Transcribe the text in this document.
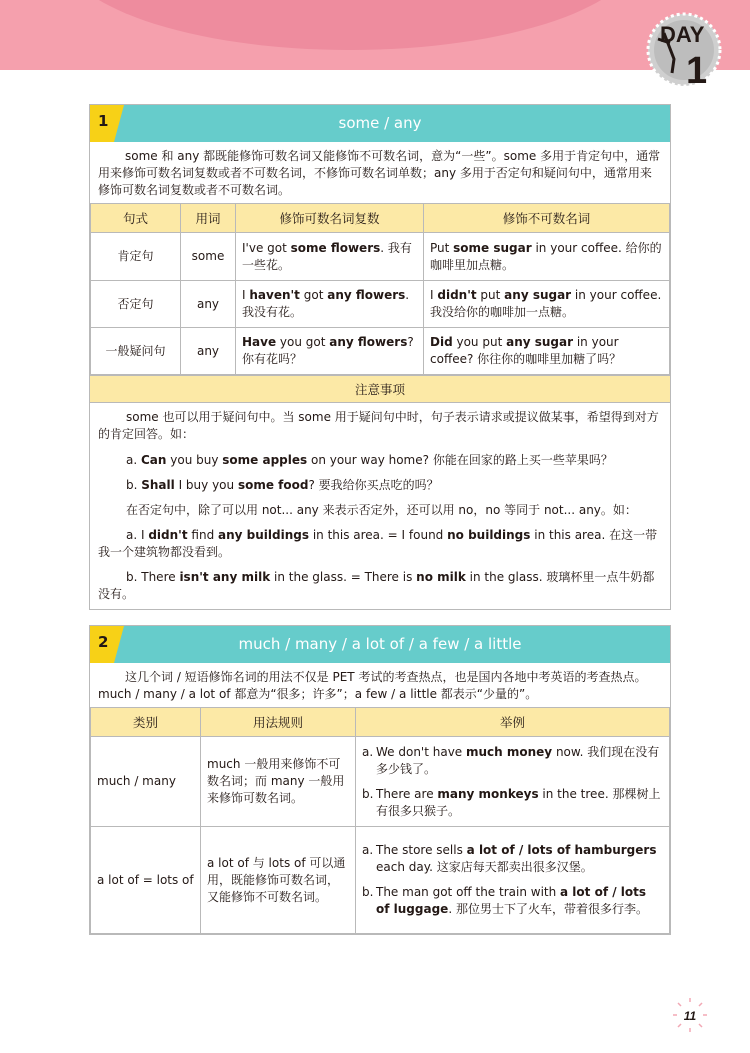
DAY
1
1	some / any

some 和 any 都既能修饰可数名词又能修饰不可数名词，意为“一些”。some 多用于肯定句中，通常用来修饰可数名词复数或者不可数名词，不修饰可数名词单数；any 多用于否定句和疑问句中，通常用来修饰可数名词复数或者不可数名词。

句式	用词	修饰可数名词复数	修饰不可数名词
肯定句	some	I've got some flowers. 我有一些花。	Put some sugar in your coffee. 给你的咖啡里加点糖。
否定句	any	I haven't got any flowers. 我没有花。	I didn't put any sugar in your coffee. 我没给你的咖啡加一点糖。
一般疑问句	any	Have you got any flowers? 你有花吗？	Did you put any sugar in your coffee? 你往你的咖啡里加糖了吗？
注意事项

some 也可以用于疑问句中。当 some 用于疑问句中时，句子表示请求或提议做某事，希望得到对方的肯定回答。如：

a. Can you buy some apples on your way home? 你能在回家的路上买一些苹果吗？

b. Shall I buy you some food? 要我给你买点吃的吗？

在否定句中，除了可以用 not... any 来表示否定外，还可以用 no，no 等同于 not... any。如：

a. I didn't find any buildings in this area. = I found no buildings in this area. 在这一带我一个建筑物都没看到。

b. There isn't any milk in the glass. = There is no milk in the glass. 玻璃杯里一点牛奶都没有。

2	much / many / a lot of / a few / a little

这几个词 / 短语修饰名词的用法不仅是 PET 考试的考查热点，也是国内各地中考英语的考查热点。much / many / a lot of 都意为“很多；许多”；a few / a little 都表示“少量的”。

类别	用法规则	举例
much / many	much 一般用来修饰不可数名词；而 many 一般用来修饰可数名词。	a. We don't have much money now. 我们现在没有多少钱了。
b. There are many monkeys in the tree. 那棵树上有很多只猴子。

a lot of = lots of	a lot of 与 lots of 可以通用，既能修饰可数名词，又能修饰不可数名词。	a. The store sells a lot of / lots of hamburgers each day. 这家店每天都卖出很多汉堡。
b. The man got off the train with a lot of / lots of luggage. 那位男士下了火车，带着很多行李。
11
